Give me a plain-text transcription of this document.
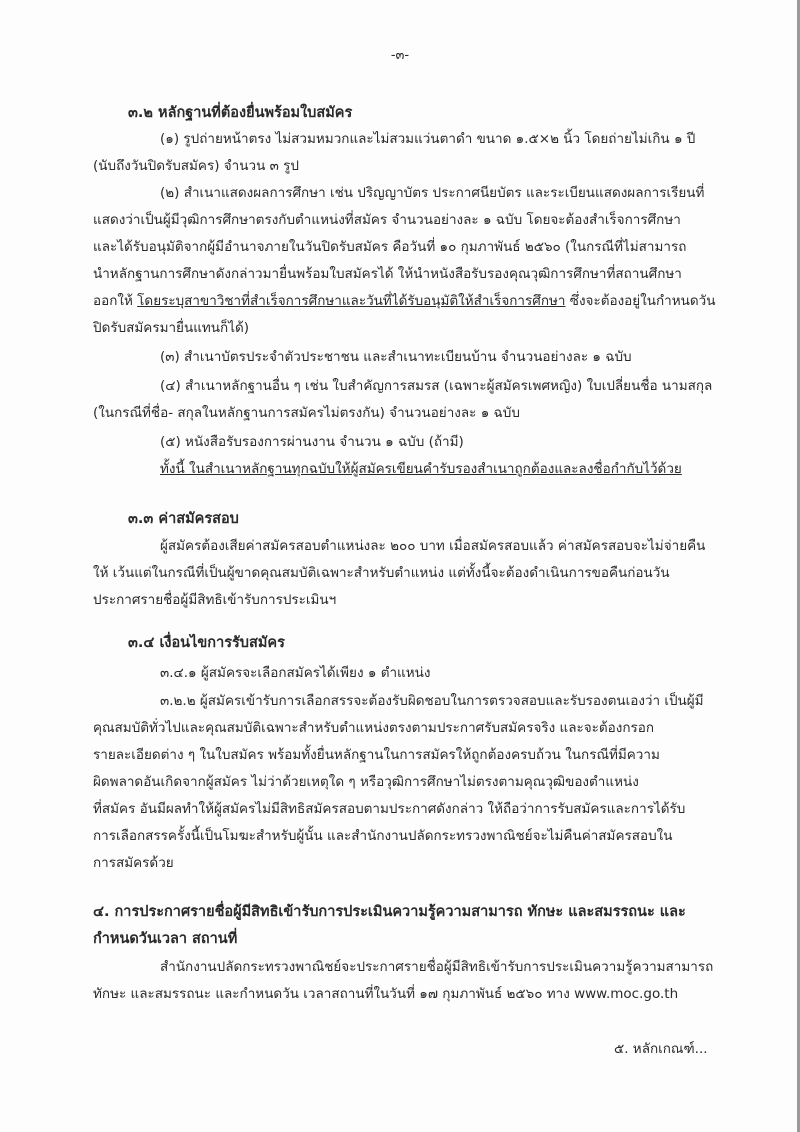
-๓-
๓.๒ หลักฐานที่ต้องยื่นพร้อมใบสมัคร
(๑) รูปถ่ายหน้าตรง ไม่สวมหมวกและไม่สวมแว่นตาดำ ขนาด ๑.๕×๒ นิ้ว โดยถ่ายไม่เกิน ๑ ปี
(นับถึงวันปิดรับสมัคร) จำนวน ๓ รูป
(๒) สำเนาแสดงผลการศึกษา เช่น ปริญญาบัตร ประกาศนียบัตร และระเบียนแสดงผลการเรียนที่
แสดงว่าเป็นผู้มีวุฒิการศึกษาตรงกับตำแหน่งที่สมัคร จำนวนอย่างละ ๑ ฉบับ โดยจะต้องสำเร็จการศึกษา
และได้รับอนุมัติจากผู้มีอำนาจภายในวันปิดรับสมัคร คือวันที่ ๑๐ กุมภาพันธ์ ๒๕๖๐ (ในกรณีที่ไม่สามารถ
นำหลักฐานการศึกษาดังกล่าวมายื่นพร้อมใบสมัครได้ ให้นำหนังสือรับรองคุณวุฒิการศึกษาที่สถานศึกษา
ออกให้ โดยระบุสาขาวิชาที่สำเร็จการศึกษาและวันที่ได้รับอนุมัติให้สำเร็จการศึกษา ซึ่งจะต้องอยู่ในกำหนดวัน
ปิดรับสมัครมายื่นแทนก็ได้)
(๓) สำเนาบัตรประจำตัวประชาชน และสำเนาทะเบียนบ้าน จำนวนอย่างละ ๑ ฉบับ
(๔) สำเนาหลักฐานอื่น ๆ เช่น ใบสำคัญการสมรส (เฉพาะผู้สมัครเพศหญิง) ใบเปลี่ยนชื่อ นามสกุล
(ในกรณีที่ชื่อ- สกุลในหลักฐานการสมัครไม่ตรงกัน) จำนวนอย่างละ ๑ ฉบับ
(๕) หนังสือรับรองการผ่านงาน จำนวน ๑ ฉบับ (ถ้ามี)
ทั้งนี้ ในสำเนาหลักฐานทุกฉบับให้ผู้สมัครเขียนคำรับรองสำเนาถูกต้องและลงชื่อกำกับไว้ด้วย
๓.๓ ค่าสมัครสอบ
ผู้สมัครต้องเสียค่าสมัครสอบตำแหน่งละ ๒๐๐ บาท เมื่อสมัครสอบแล้ว ค่าสมัครสอบจะไม่จ่ายคืน
ให้ เว้นแต่ในกรณีที่เป็นผู้ขาดคุณสมบัติเฉพาะสำหรับตำแหน่ง แต่ทั้งนี้จะต้องดำเนินการขอคืนก่อนวัน
ประกาศรายชื่อผู้มีสิทธิเข้ารับการประเมินฯ
๓.๔ เงื่อนไขการรับสมัคร
๓.๔.๑ ผู้สมัครจะเลือกสมัครได้เพียง ๑ ตำแหน่ง
๓.๒.๒ ผู้สมัครเข้ารับการเลือกสรรจะต้องรับผิดชอบในการตรวจสอบและรับรองตนเองว่า เป็นผู้มี
คุณสมบัติทั่วไปและคุณสมบัติเฉพาะสำหรับตำแหน่งตรงตามประกาศรับสมัครจริง และจะต้องกรอก
รายละเอียดต่าง ๆ ในใบสมัคร พร้อมทั้งยื่นหลักฐานในการสมัครให้ถูกต้องครบถ้วน ในกรณีที่มีความ
ผิดพลาดอันเกิดจากผู้สมัคร ไม่ว่าด้วยเหตุใด ๆ หรือวุฒิการศึกษาไม่ตรงตามคุณวุฒิของตำแหน่ง
ที่สมัคร อันมีผลทำให้ผู้สมัครไม่มีสิทธิสมัครสอบตามประกาศดังกล่าว ให้ถือว่าการรับสมัครและการได้รับ
การเลือกสรรครั้งนี้เป็นโมฆะสำหรับผู้นั้น และสำนักงานปลัดกระทรวงพาณิชย์จะไม่คืนค่าสมัครสอบใน
การสมัครด้วย
๔. การประกาศรายชื่อผู้มีสิทธิเข้ารับการประเมินความรู้ความสามารถ ทักษะ และสมรรถนะ และ
กำหนดวันเวลา สถานที่
สำนักงานปลัดกระทรวงพาณิชย์จะประกาศรายชื่อผู้มีสิทธิเข้ารับการประเมินความรู้ความสามารถ
ทักษะ และสมรรถนะ และกำหนดวัน เวลาสถานที่ในวันที่ ๑๗ กุมภาพันธ์ ๒๕๖๐ ทาง www.moc.go.th
๕. หลักเกณฑ์...
